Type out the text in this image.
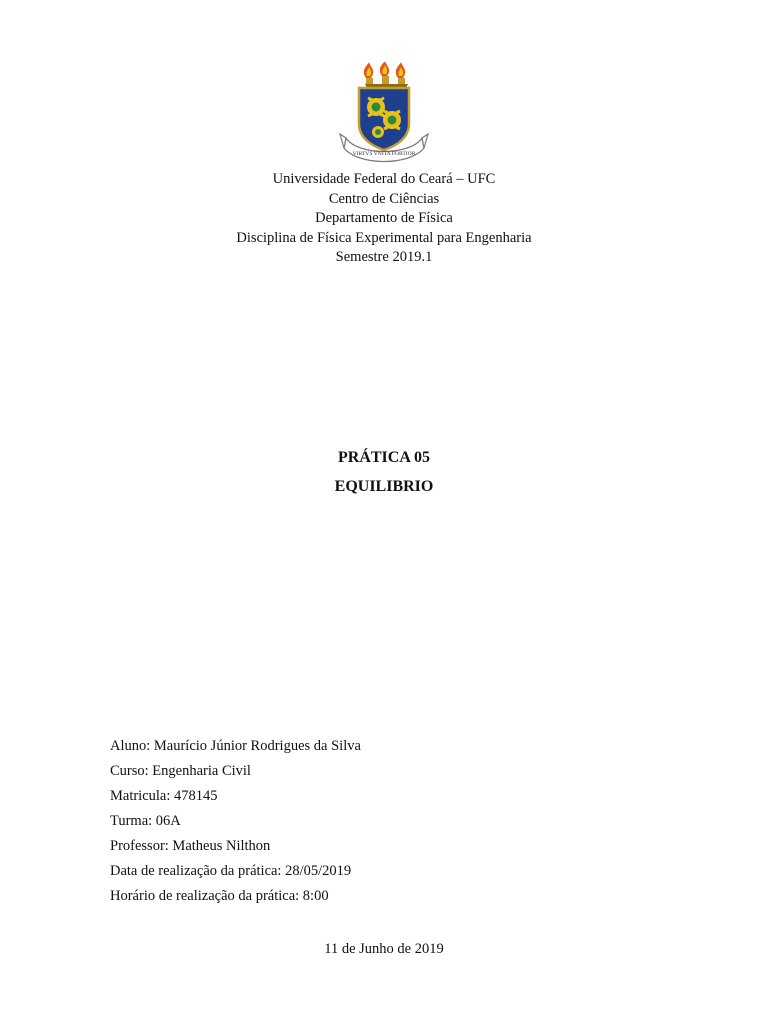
VIRTVS VNITA FORTIOR
Universidade Federal do Ceará – UFC
Centro de Ciências
Departamento de Física
Disciplina de Física Experimental para Engenharia
Semestre 2019.1
PRÁTICA 05
EQUILIBRIO
Aluno: Maurício Júnior Rodrigues da Silva
Curso: Engenharia Civil
Matricula: 478145
Turma: 06A
Professor: Matheus Nilthon
Data de realização da prática: 28/05/2019
Horário de realização da prática: 8:00
11 de Junho de 2019
